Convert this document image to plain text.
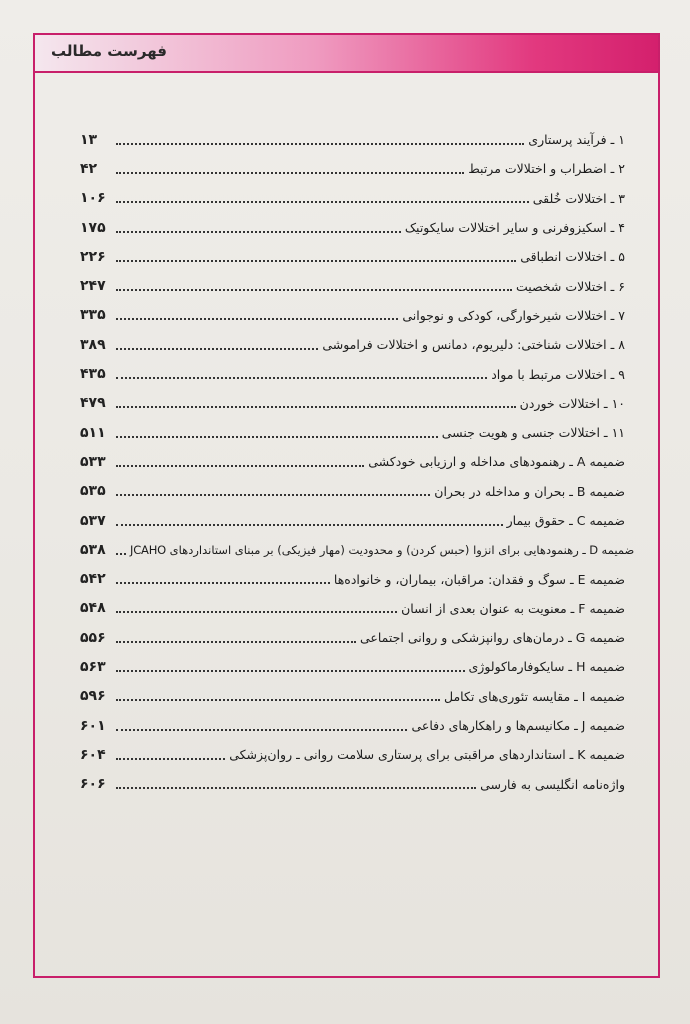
فهرست مطالب
۱۳	۱ ـ فرآیند پرستاری
۴۲	۲ ـ اضطراب و اختلالات مرتبط
۱۰۶	۳ ـ اختلالات خُلقی
۱۷۵	۴ ـ اسکیزوفرنی و سایر اختلالات سایکوتیک
۲۲۶	۵ ـ اختلالات انطباقی
۲۴۷	۶ ـ اختلالات شخصیت
۳۳۵	۷ ـ اختلالات شیرخوارگی، کودکی و نوجوانی
۳۸۹	۸ ـ اختلالات شناختی: دلیریوم، دمانس و اختلالات فراموشی
۴۳۵	۹ ـ اختلالات مرتبط با مواد
۴۷۹	۱۰ ـ اختلالات خوردن
۵۱۱	۱۱ ـ اختلالات جنسی و هویت جنسی
۵۳۳	ضمیمه A ـ رهنمودهای مداخله و ارزیابی خودکشی
۵۳۵	ضمیمه B ـ بحران و مداخله در بحران
۵۳۷	ضمیمه C ـ حقوق بیمار
۵۳۸	ضمیمه D ـ رهنمودهایی برای انزوا (حبس کردن) و محدودیت (مهار فیزیکی) بر مبنای استانداردهای JCAHO
۵۴۲	ضمیمه E ـ سوگ و فقدان: مراقبان، بیماران، و خانواده‌ها
۵۴۸	ضمیمه F ـ معنویت به عنوان بعدی از انسان
۵۵۶	ضمیمه G ـ درمان‌های روانپزشکی و روانی اجتماعی
۵۶۳	ضمیمه H ـ سایکوفارماکولوژی
۵۹۶	ضمیمه I ـ مقایسه تئوری‌های تکامل
۶۰۱	ضمیمه J ـ مکانیسم‌ها و راهکارهای دفاعی
۶۰۴	ضمیمه K ـ استانداردهای مراقبتی برای پرستاری سلامت روانی ـ روان‌پزشکی
۶۰۶	واژه‌نامه انگلیسی به فارسی
